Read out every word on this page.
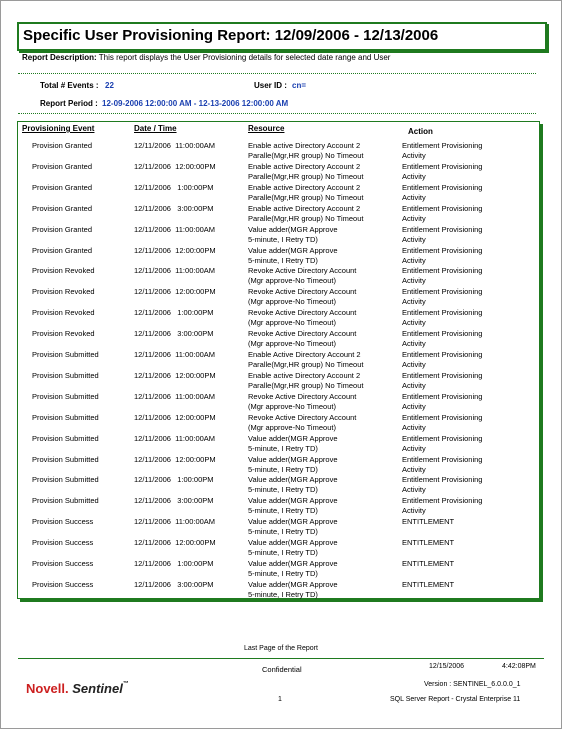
Specific User Provisioning Report: 12/09/2006 - 12/13/2006
Report Description: This report displays the User Provisioning details for selected date range and User
Total # Events : 22	User ID : cn=
Report Period : 12-09-2006 12:00:00 AM - 12-13-2006 12:00:00 AM
Provisioning Event	Date / Time	Resource	Action
Provision Granted	12/11/2006  11:00:00AM	Enable active Directory Account 2
Paralle(Mgr,HR group) No Timeout
Entitlement Provisioning
Activity
Provision Granted	12/11/2006  12:00:00PM	Enable active Directory Account 2
Paralle(Mgr,HR group) No Timeout
Entitlement Provisioning
Activity
Provision Granted	12/11/2006   1:00:00PM	Enable active Directory Account 2
Paralle(Mgr,HR group) No Timeout
Entitlement Provisioning
Activity
Provision Granted	12/11/2006   3:00:00PM	Enable active Directory Account 2
Paralle(Mgr,HR group) No Timeout
Entitlement Provisioning
Activity
Provision Granted	12/11/2006  11:00:00AM	Value adder(MGR Approve
5-minute, I Retry TD)
Entitlement Provisioning
Activity
Provision Granted	12/11/2006  12:00:00PM	Value adder(MGR Approve
5-minute, I Retry TD)
Entitlement Provisioning
Activity
Provision Revoked	12/11/2006  11:00:00AM	Revoke Active Directory Account
(Mgr approve-No Timeout)
Entitlement Provisioning
Activity
Provision Revoked	12/11/2006  12:00:00PM	Revoke Active Directory Account
(Mgr approve-No Timeout)
Entitlement Provisioning
Activity
Provision Revoked	12/11/2006   1:00:00PM	Revoke Active Directory Account
(Mgr approve-No Timeout)
Entitlement Provisioning
Activity
Provision Revoked	12/11/2006   3:00:00PM	Revoke Active Directory Account
(Mgr approve-No Timeout)
Entitlement Provisioning
Activity
Provision Submitted	12/11/2006  11:00:00AM	Enable Active Directory Account 2
Paralle(Mgr,HR group) No Timeout
Entitlement Provisioning
Activity
Provision Submitted	12/11/2006  12:00:00PM	Enable active Directory Account 2
Paralle(Mgr,HR group) No Timeout
Entitlement Provisioning
Activity
Provision Submitted	12/11/2006  11:00:00AM	Revoke Active Directory Account
(Mgr approve-No Timeout)
Entitlement Provisioning
Activity
Provision Submitted	12/11/2006  12:00:00PM	Revoke Active Directory Account
(Mgr approve-No Timeout)
Entitlement Provisioning
Activity
Provision Submitted	12/11/2006  11:00:00AM	Value adder(MGR Approve
5-minute, I Retry TD)
Entitlement Provisioning
Activity
Provision Submitted	12/11/2006  12:00:00PM	Value adder(MGR Approve
5-minute, I Retry TD)
Entitlement Provisioning
Activity
Provision Submitted	12/11/2006   1:00:00PM	Value adder(MGR Approve
5-minute, I Retry TD)
Entitlement Provisioning
Activity
Provision Submitted	12/11/2006   3:00:00PM	Value adder(MGR Approve
5-minute, I Retry TD)
Entitlement Provisioning
Activity
Provision Success	12/11/2006  11:00:00AM	Value adder(MGR Approve
5-minute, I Retry TD)
ENTITLEMENT
Provision Success	12/11/2006  12:00:00PM	Value adder(MGR Approve
5-minute, I Retry TD)
ENTITLEMENT
Provision Success	12/11/2006   1:00:00PM	Value adder(MGR Approve
5-minute, I Retry TD)
ENTITLEMENT
Provision Success	12/11/2006   3:00:00PM	Value adder(MGR Approve
5-minute, I Retry TD)
ENTITLEMENT
Last Page of the Report
Confidential	12/15/2006	4:42:08PM
Version : SENTINEL_6.0.0.0_1
1	SQL Server Report - Crystal Enterprise 11
Novell. Sentinel™
